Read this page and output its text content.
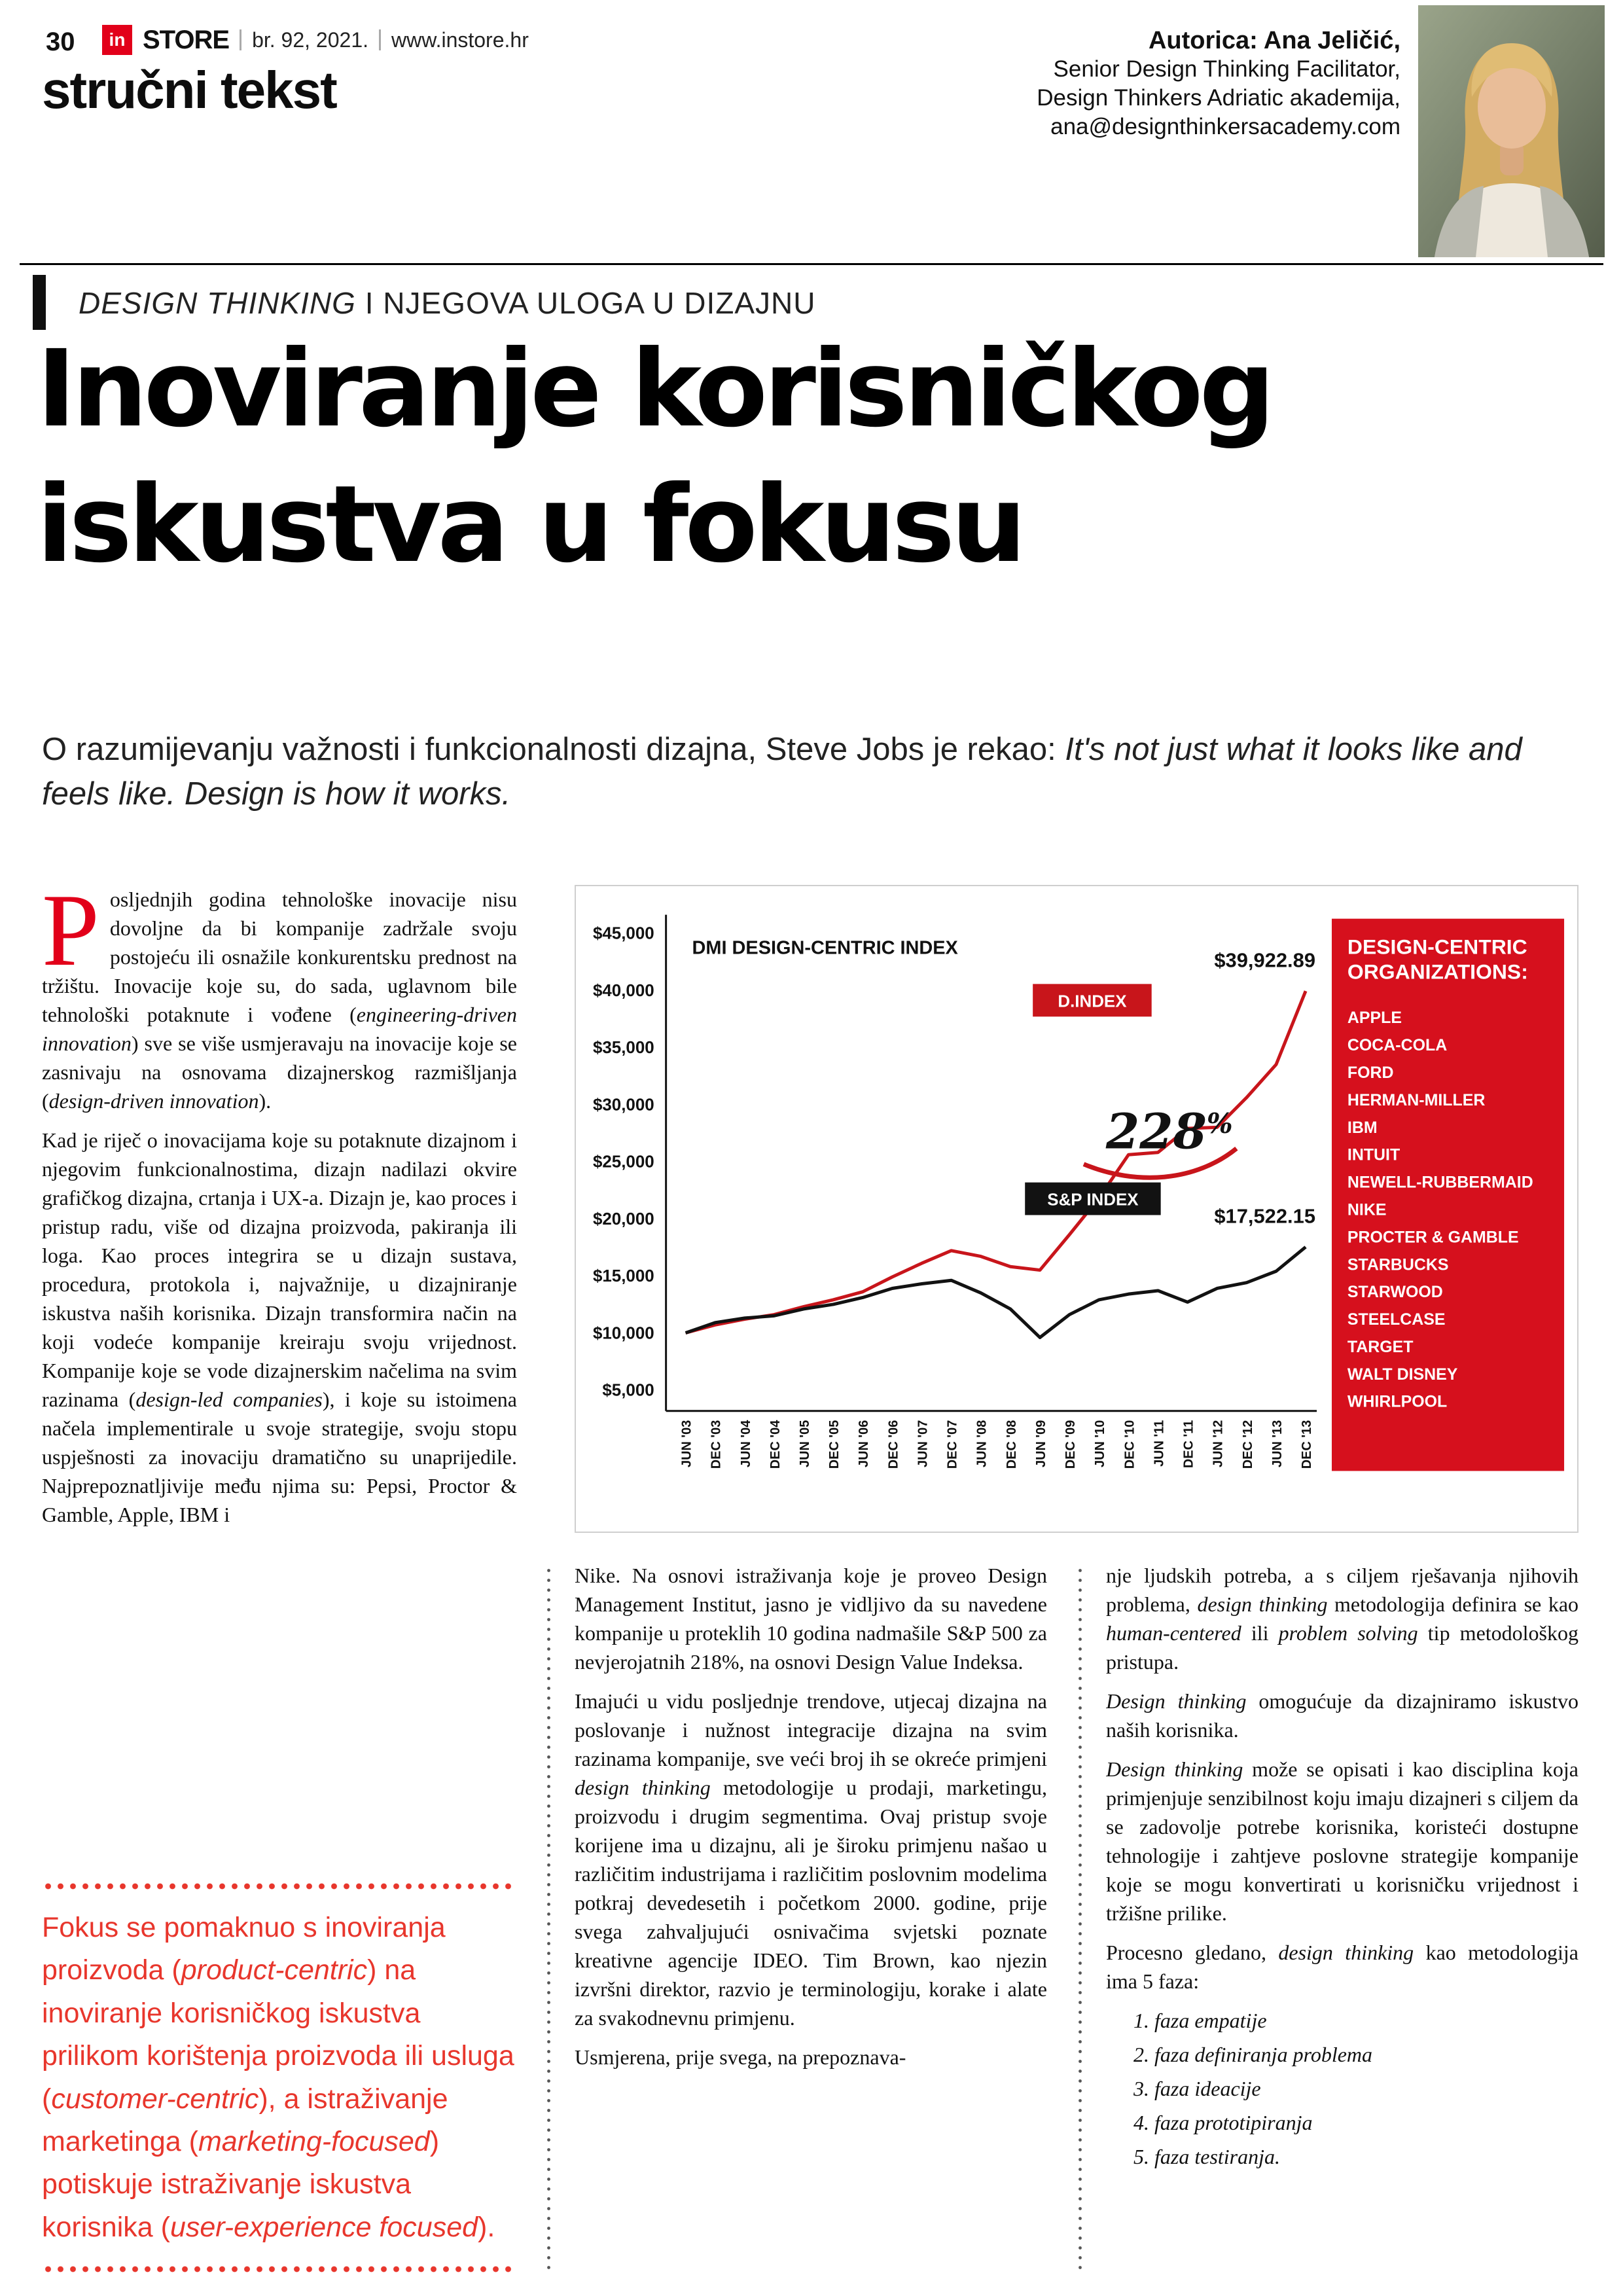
30	in STORE br. 92, 2021. www.instore.hr
stručni tekst
Autorica: Ana Jeličić,
Senior Design Thinking Facilitator,
Design Thinkers Adriatic akademija,
ana@designthinkersacademy.com
DESIGN THINKING I NJEGOVA ULOGA U DIZAJNU
Inoviranje korisničkog
iskustva u fokusu
O razumijevanju važnosti i funkcionalnosti dizajna, Steve Jobs je rekao: It's not just what it looks like and feels like. Design is how it works.

Posljednjih godina tehnološke inovacije nisu dovoljne da bi kompanije zadržale svoju postojeću ili osnažile konkurentsku prednost na tržištu. Inovacije koje su, do sada, uglavnom bile tehnološki potaknute i vođene (engineering-driven innovation) sve se više usmjeravaju na inovacije koje se zasnivaju na osnovama dizajnerskog razmišljanja (design-driven innovation).

Kad je riječ o inovacijama koje su potaknute dizajnom i njegovim funkcionalnostima, dizajn nadilazi okvire grafičkog dizajna, crtanja i UX-a. Dizajn je, kao proces i pristup radu, više od dizajna proizvoda, pakiranja ili loga. Kao proces integrira se u dizajn sustava, procedura, protokola i, najvažnije, u dizajniranje iskustva naših korisnika. Dizajn transformira način na koji vodeće kompanije kreiraju svoju vrijednost. Kompanije koje se vode dizajnerskim načelima na svim razinama (design-led companies), i koje su istoimena načela implementirale u svoje strategije, svoju stopu uspješnosti za inovaciju dramatično su unaprijedile. Najprepoznatljivije među njima su: Pepsi, Proctor & Gamble, Apple, IBM i

DMI DESIGN-CENTRIC INDEX
$45,000
$40,000
$35,000
$30,000
$25,000
$20,000
$15,000
$10,000
$5,000
JUN '03 DEC '03 JUN '04 DEC '04 JUN '05 DEC '05 JUN '06 DEC '06 JUN '07 DEC '07 JUN '08 DEC '08 JUN '09 DEC '09 JUN '10 DEC '10 JUN '11 DEC '11 JUN '12 DEC '12 JUN '13 DEC '13
D.INDEX
S&P INDEX
$39,922.89
$17,522.15
228%
DESIGN-CENTRIC
ORGANIZATIONS:
APPLE
COCA-COLA
FORD
HERMAN-MILLER
IBM
INTUIT
NEWELL-RUBBERMAID
NIKE
PROCTER & GAMBLE
STARBUCKS
STARWOOD
STEELCASE
TARGET
WALT DISNEY
WHIRLPOOL

Nike. Na osnovi istraživanja koje je proveo Design Management Institut, jasno je vidljivo da su navedene kompanije u proteklih 10 godina nadmašile S&P 500 za nevjerojatnih 218%, na osnovi Design Value Indeksa.

Imajući u vidu posljednje trendove, utjecaj dizajna na poslovanje i nužnost integracije dizajna na svim razinama kompanije, sve veći broj ih se okreće primjeni design thinking metodologije u prodaji, marketingu, proizvodu i drugim segmentima. Ovaj pristup svoje korijene ima u dizajnu, ali je široku primjenu našao u različitim industrijama i različitim poslovnim modelima potkraj devedesetih i početkom 2000. godine, prije svega zahvaljujući osnivačima svjetski poznate kreativne agencije IDEO. Tim Brown, kao njezin izvršni direktor, razvio je terminologiju, korake i alate za svakodnevnu primjenu.

Usmjerena, prije svega, na prepoznava-

nje ljudskih potreba, a s ciljem rješavanja njihovih problema, design thinking metodologija definira se kao human-centered ili problem solving tip metodološkog pristupa.

Design thinking omogućuje da dizajniramo iskustvo naših korisnika.

Design thinking može se opisati i kao disciplina koja primjenjuje senzibilnost koju imaju dizajneri s ciljem da se zadovolje potrebe korisnika, koristeći dostupne tehnologije i zahtjeve poslovne strategije kompanije koje se mogu konvertirati u korisničku vrijednost i tržišne prilike.

Procesno gledano, design thinking kao metodologija ima 5 faza:

1. faza empatije
2. faza definiranja problema
3. faza ideacije
4. faza prototipiranja
5. faza testiranja.
Fokus se pomaknuo s inoviranja proizvoda (product-centric) na inoviranje korisničkog iskustva prilikom korištenja proizvoda ili usluga (customer-centric), a istraživanje marketinga (marketing-focused) potiskuje istraživanje iskustva korisnika (user-experience focused).
